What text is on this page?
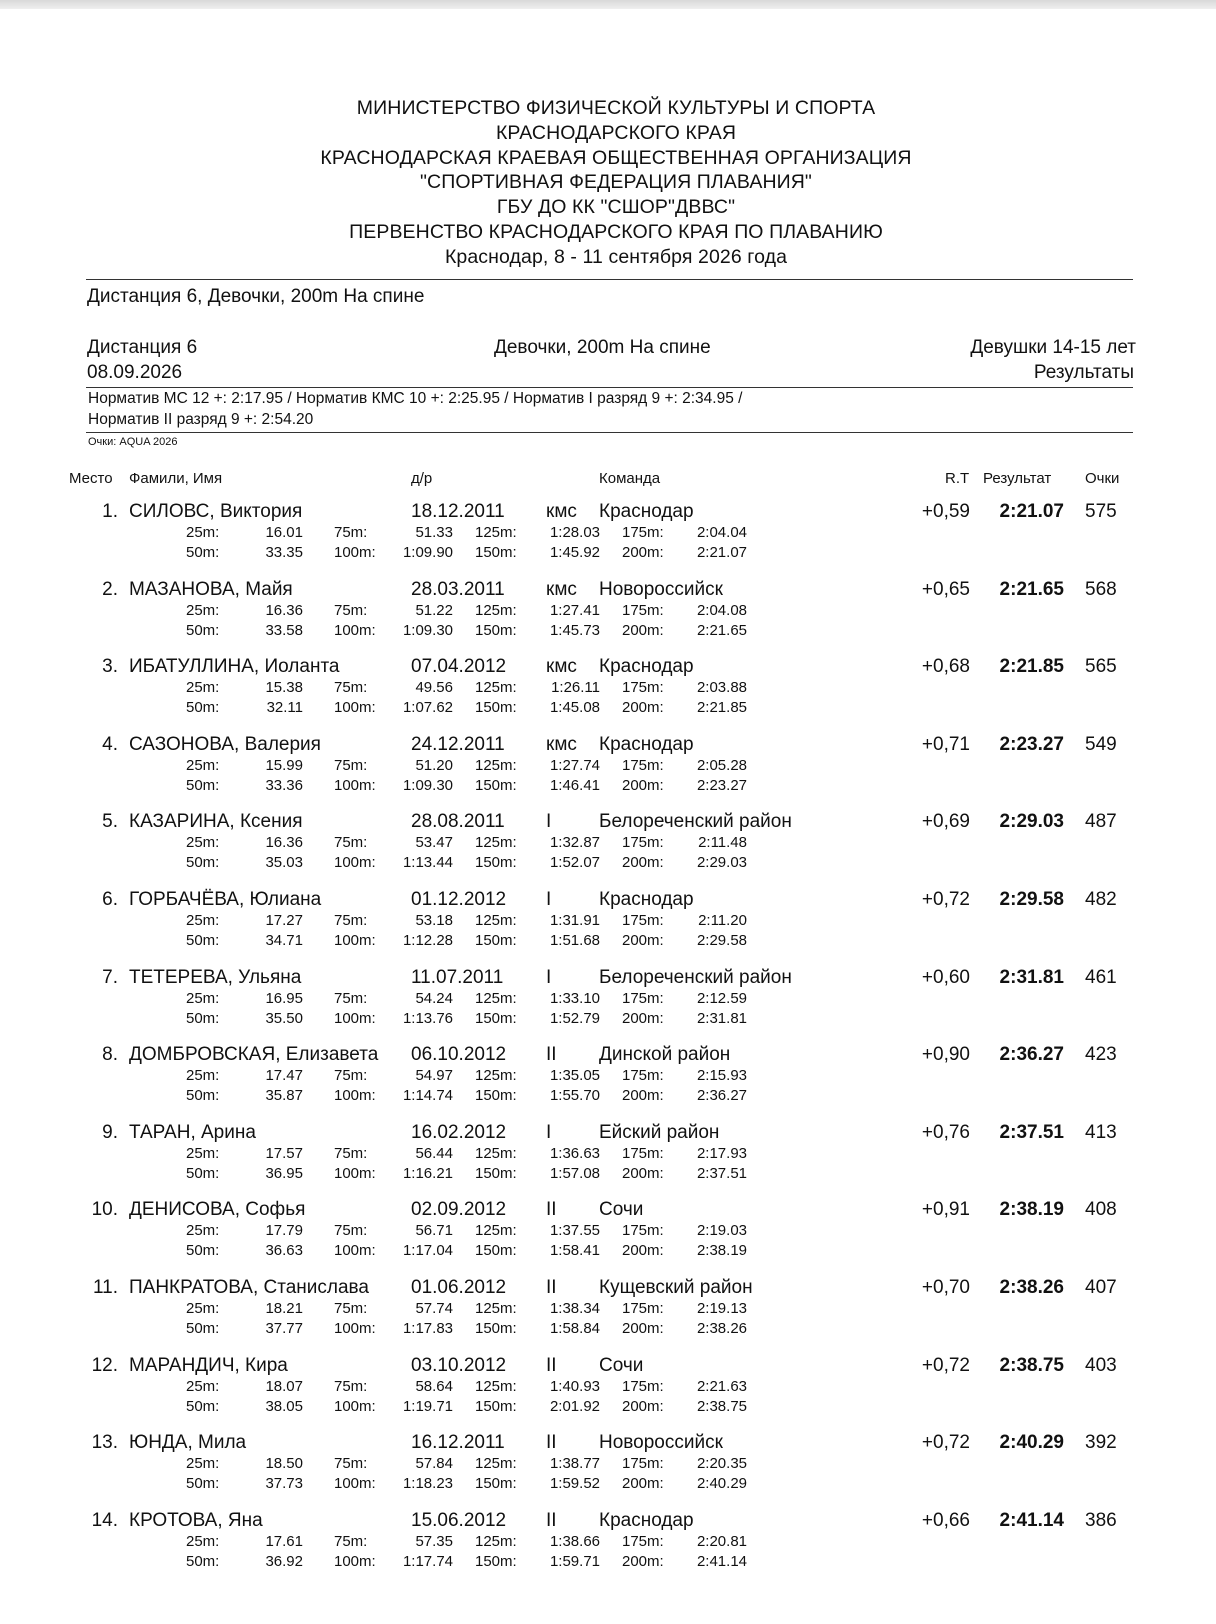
МИНИСТЕРСТВО ФИЗИЧЕСКОЙ КУЛЬТУРЫ И СПОРТА
КРАСНОДАРСКОГО КРАЯ
КРАСНОДАРСКАЯ КРАЕВАЯ ОБЩЕСТВЕННАЯ ОРГАНИЗАЦИЯ
"СПОРТИВНАЯ ФЕДЕРАЦИЯ ПЛАВАНИЯ"
ГБУ ДО КК "СШОР"ДВВС"
ПЕРВЕНСТВО КРАСНОДАРСКОГО КРАЯ ПО ПЛАВАНИЮ
Краснодар, 8 - 11 сентября 2026 года
Дистанция 6, Девочки, 200m На спине
Дистанция 6
08.09.2026
Девочки, 200m На спине	Девушки 14-15 лет
Результаты
Норматив МС 12 +: 2:17.95 / Норматив КМС 10 +: 2:25.95 / Норматив I разряд 9 +: 2:34.95 /
Норматив II разряд 9 +: 2:54.20
Очки: AQUA 2026
Место Фамили, Имя	д/р	Команда	R.T Результат Очки
1. СИЛОВС, Виктория	18.12.2011 кмс Краснодар	+0,59 2:21.07 575
25m:	16.01 75m:	51.33 125m: 1:28.03 175m: 2:04.04
50m:	33.35 100m: 1:09.90 150m: 1:45.92 200m: 2:21.07
2. МАЗАНОВА, Майя	28.03.2011 кмс Новороссийск	+0,65 2:21.65 568
25m:	16.36 75m:	51.22 125m: 1:27.41 175m: 2:04.08
50m:	33.58 100m: 1:09.30 150m: 1:45.73 200m: 2:21.65
3. ИБАТУЛЛИНА, Иоланта	07.04.2012 кмс Краснодар	+0,68 2:21.85 565
25m:	15.38 75m:	49.56 125m: 1:26.11 175m: 2:03.88
50m:	32.11 100m: 1:07.62 150m: 1:45.08 200m: 2:21.85
4. САЗОНОВА, Валерия	24.12.2011 кмс Краснодар	+0,71 2:23.27 549
25m:	15.99 75m:	51.20 125m: 1:27.74 175m: 2:05.28
50m:	33.36 100m: 1:09.30 150m: 1:46.41 200m: 2:23.27
5. КАЗАРИНА, Ксения	28.08.2011 I	Белореченский район	+0,69 2:29.03 487
25m:	16.36 75m:	53.47 125m: 1:32.87 175m: 2:11.48
50m:	35.03 100m: 1:13.44 150m: 1:52.07 200m: 2:29.03
6. ГОРБАЧЁВА, Юлиана	01.12.2012 I	Краснодар	+0,72 2:29.58 482
25m:	17.27 75m:	53.18 125m: 1:31.91 175m: 2:11.20
50m:	34.71 100m: 1:12.28 150m: 1:51.68 200m: 2:29.58
7. ТЕТЕРЕВА, Ульяна	11.07.2011 I	Белореченский район	+0,60 2:31.81 461
25m:	16.95 75m:	54.24 125m: 1:33.10 175m: 2:12.59
50m:	35.50 100m: 1:13.76 150m: 1:52.79 200m: 2:31.81
8. ДОМБРОВСКАЯ, Елизавета 06.10.2012 II Динской район	+0,90 2:36.27 423
25m:	17.47 75m:	54.97 125m: 1:35.05 175m: 2:15.93
50m:	35.87 100m: 1:14.74 150m: 1:55.70 200m: 2:36.27
9. ТАРАН, Арина	16.02.2012 I	Ейский район	+0,76 2:37.51 413
25m:	17.57 75m:	56.44 125m: 1:36.63 175m: 2:17.93
50m:	36.95 100m: 1:16.21 150m: 1:57.08 200m: 2:37.51
10. ДЕНИСОВА, Софья	02.09.2012 II Сочи	+0,91 2:38.19 408
25m:	17.79 75m:	56.71 125m: 1:37.55 175m: 2:19.03
50m:	36.63 100m: 1:17.04 150m: 1:58.41 200m: 2:38.19
11. ПАНКРАТОВА, Станислава 01.06.2012 II Кущевский район	+0,70 2:38.26 407
25m:	18.21 75m:	57.74 125m: 1:38.34 175m: 2:19.13
50m:	37.77 100m: 1:17.83 150m: 1:58.84 200m: 2:38.26
12. МАРАНДИЧ, Кира	03.10.2012 II Сочи	+0,72 2:38.75 403
25m:	18.07 75m:	58.64 125m: 1:40.93 175m: 2:21.63
50m:	38.05 100m: 1:19.71 150m: 2:01.92 200m: 2:38.75
13. ЮНДА, Мила	16.12.2011 II Новороссийск	+0,72 2:40.29 392
25m:	18.50 75m:	57.84 125m: 1:38.77 175m: 2:20.35
50m:	37.73 100m: 1:18.23 150m: 1:59.52 200m: 2:40.29
14. КРОТОВА, Яна	15.06.2012 II Краснодар	+0,66 2:41.14 386
25m:	17.61 75m:	57.35 125m: 1:38.66 175m: 2:20.81
50m:	36.92 100m: 1:17.74 150m: 1:59.71 200m: 2:41.14
